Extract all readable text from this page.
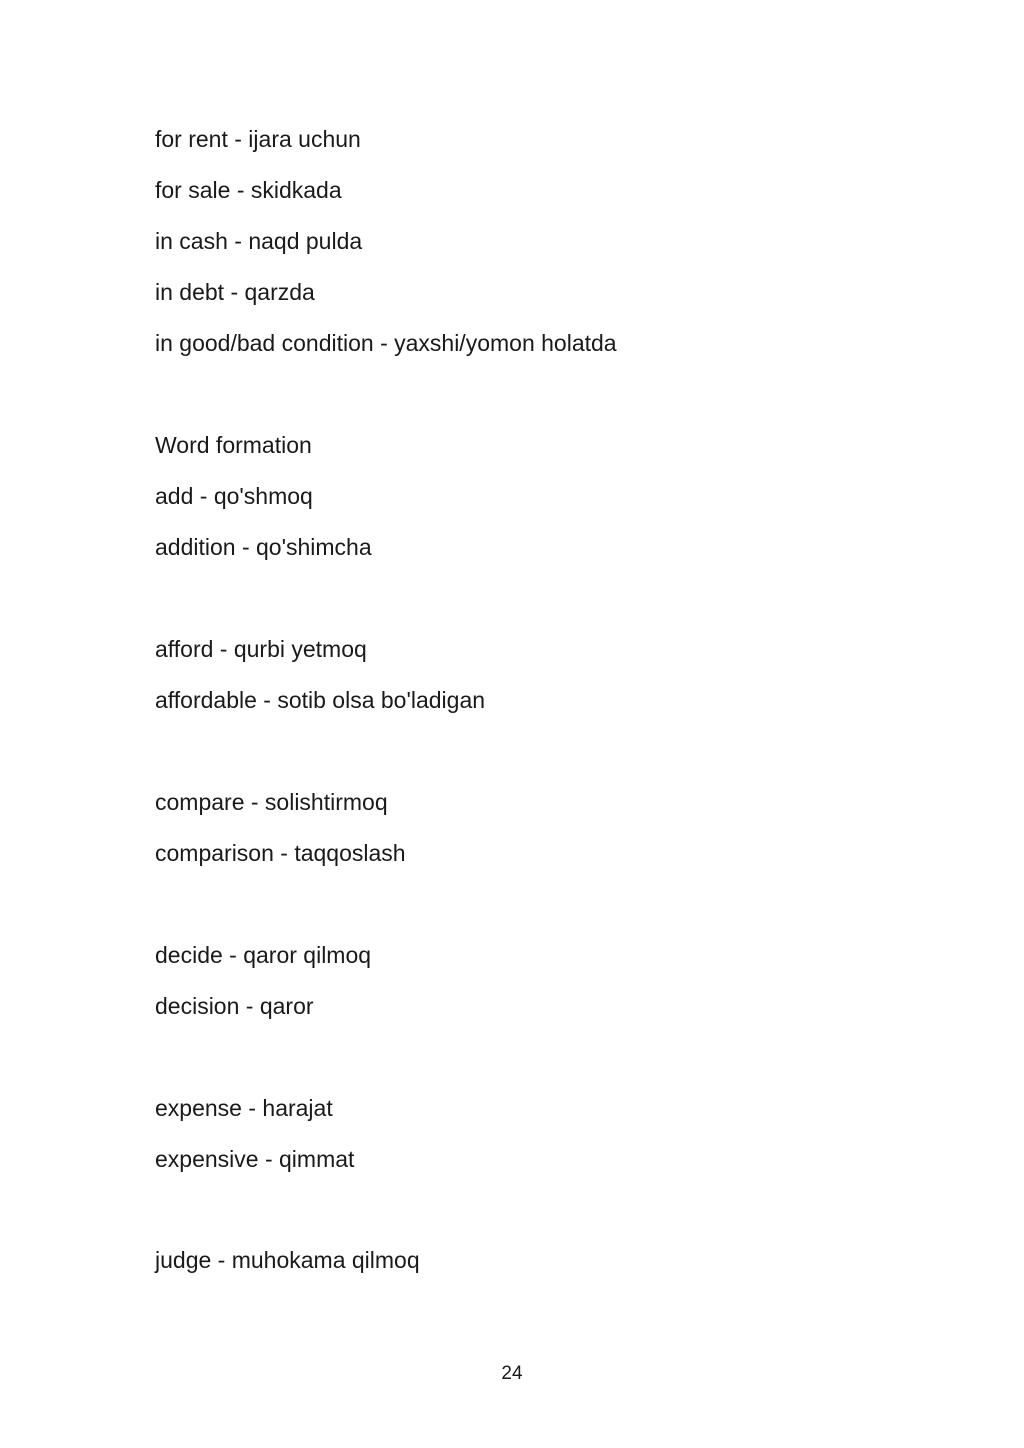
for rent - ijara uchun
for sale - skidkada
in cash - naqd pulda
in debt - qarzda
in good/bad condition - yaxshi/yomon holatda
Word formation
add - qo'shmoq
addition - qo'shimcha
afford - qurbi yetmoq
affordable - sotib olsa bo'ladigan
compare - solishtirmoq
comparison - taqqoslash
decide - qaror qilmoq
decision - qaror
expense - harajat
expensive - qimmat
judge - muhokama qilmoq
24
